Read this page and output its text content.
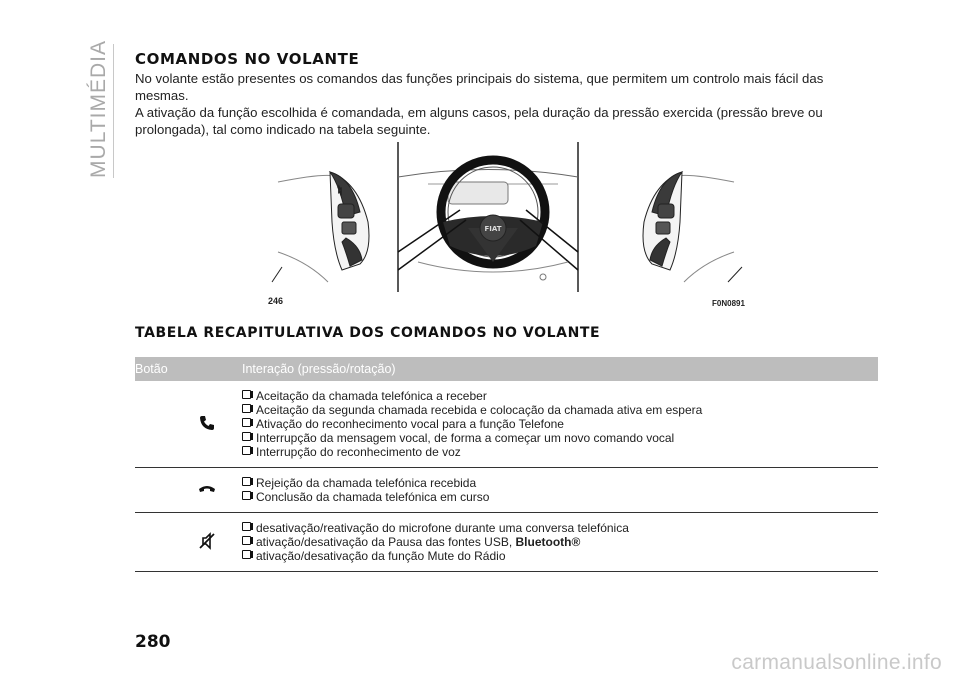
MULTIMÉDIA COMANDOS NO VOLANTE

No volante estão presentes os comandos das funções principais do sistema, que permitem um controlo mais fácil das mesmas.

A ativação da função escolhida é comandada, em alguns casos, pela duração da pressão exercida (pressão breve ou prolongada), tal como indicado na tabela seguinte.

𝄮
FIAT
246	F0N0891
TABELA RECAPITULATIVA DOS COMANDOS NO VOLANTE
Botão	Interação (pressão/rotação)

Aceitação da chamada telefónica a receber
Aceitação da segunda chamada recebida e colocação da chamada ativa em espera
Ativação do reconhecimento vocal para a função Telefone
Interrupção da mensagem vocal, de forma a começar um novo comando vocal
Interrupção do reconhecimento de voz

Rejeição da chamada telefónica recebida
Conclusão da chamada telefónica em curso

desativação/reativação do microfone durante uma conversa telefónica
ativação/desativação da Pausa das fontes USB, Bluetooth®
ativação/desativação da função Mute do Rádio
280
carmanualsonline.info
